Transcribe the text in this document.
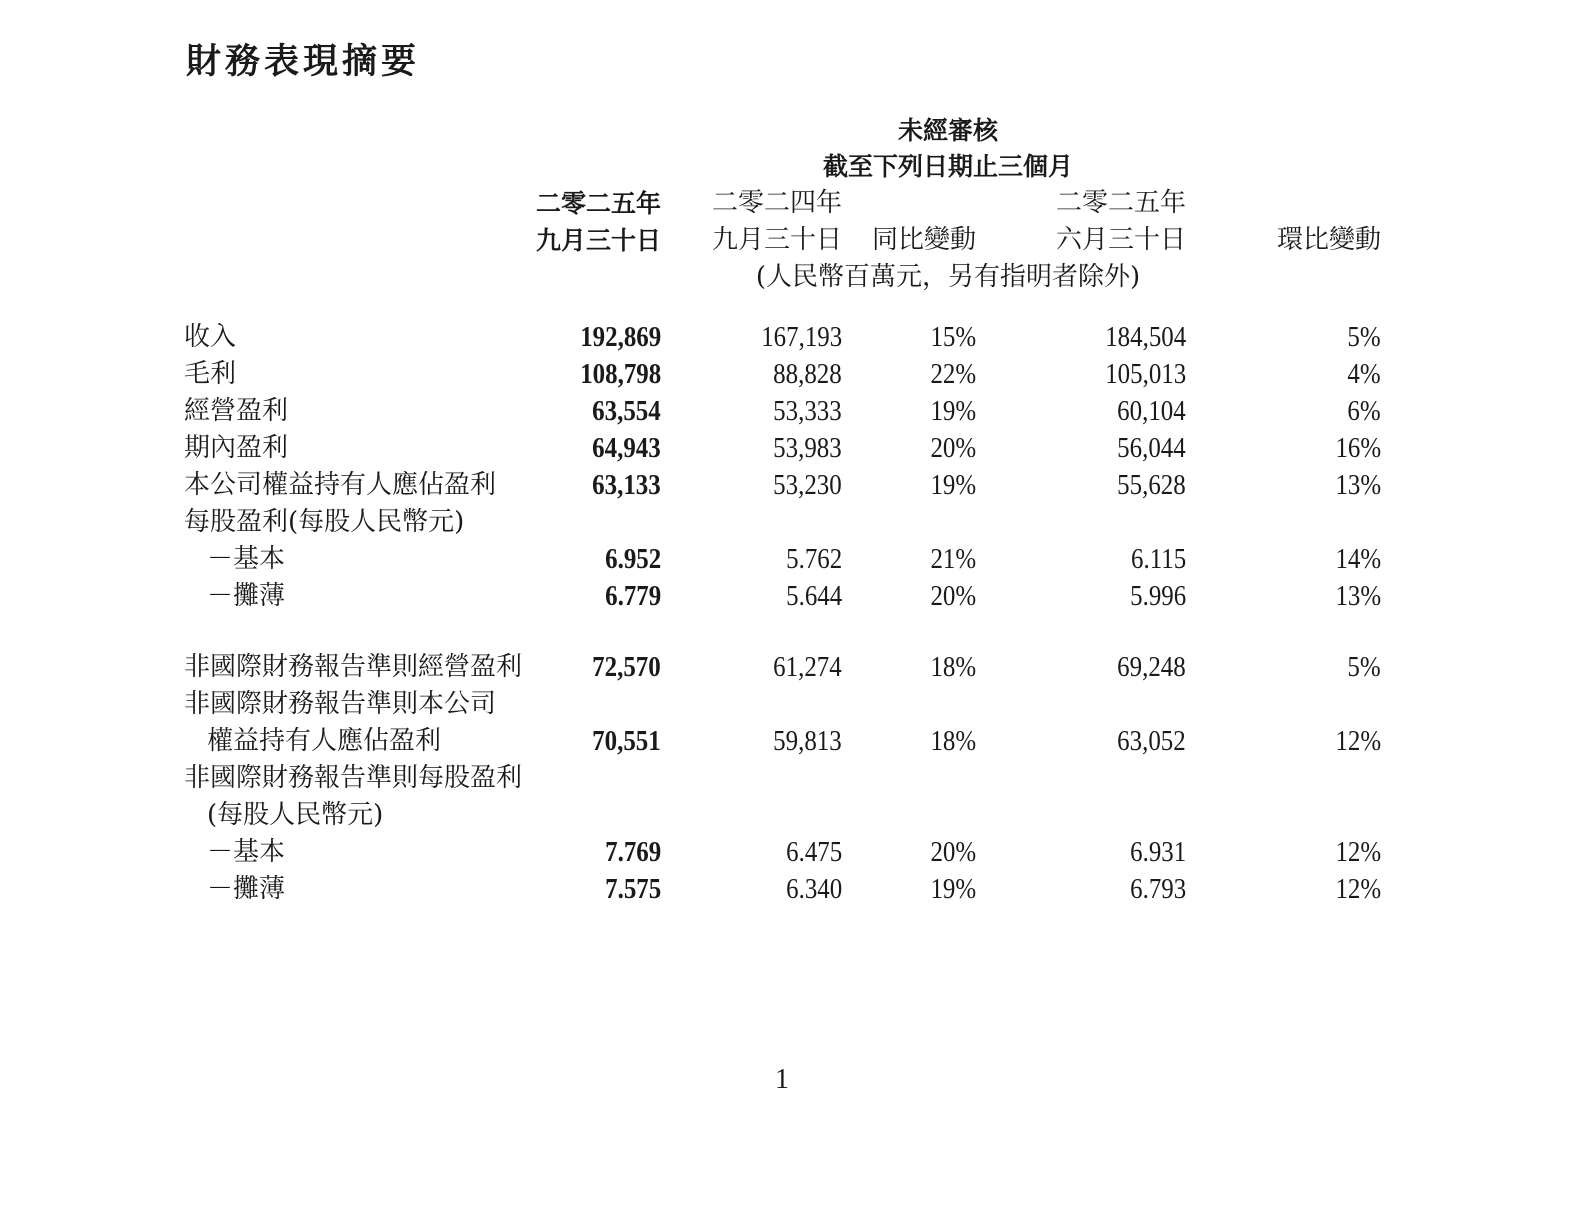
財務表現摘要
未經審核
截至下列日期止三個月
二零二五年
九月三十日
二零二四年
九月三十日 同比變動
二零二五年
六月三十日	環比變動
(人民幣百萬元，另有指明者除外)
收入	192,869	167,193	15%	184,504	5%
毛利	108,798	88,828	22%	105,013	4%
經營盈利	63,554	53,333	19%	60,104	6%
期內盈利	64,943	53,983	20%	56,044	16%
本公司權益持有人應佔盈利	63,133	53,230	19%	55,628	13%
每股盈利(每股人民幣元)
－基本	6.952	5.762	21%	6.115	14%
－攤薄	6.779	5.644	20%	5.996	13%
非國際財務報告準則經營盈利 72,570	61,274	18%	69,248	5%
非國際財務報告準則本公司
權益持有人應佔盈利	70,551	59,813	18%	63,052	12%
非國際財務報告準則每股盈利
(每股人民幣元)
－基本	7.769	6.475	20%	6.931	12%
－攤薄	7.575	6.340	19%	6.793	12%
1
